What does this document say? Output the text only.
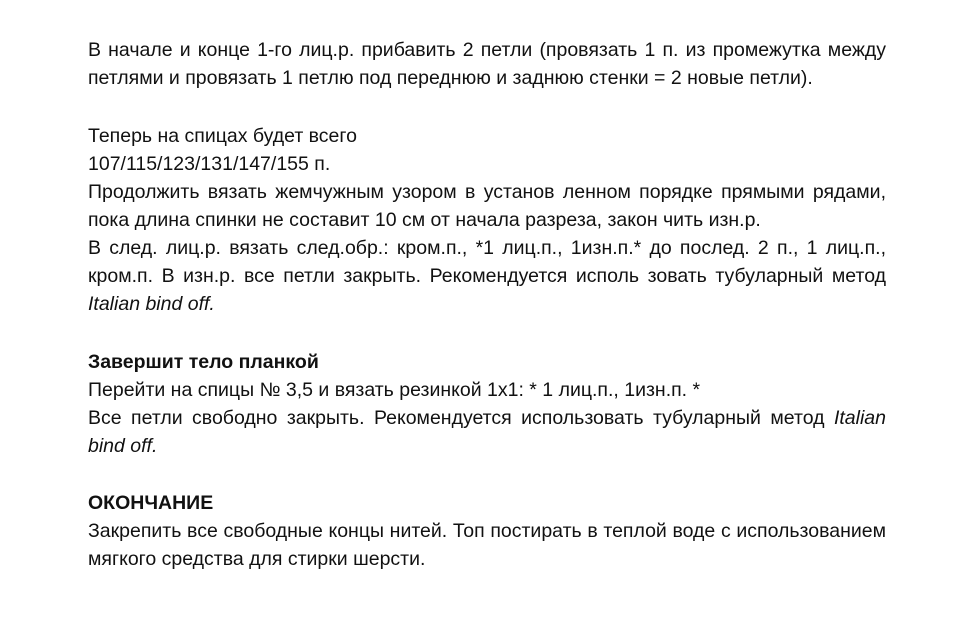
В начале и конце 1-го лиц.р. прибавить 2 петли (провязать 1 п. из промежутка между петлями и провязать 1 петлю под переднюю и заднюю стенки = 2 новые петли).

Теперь на спицах будет всего

107/115/123/131/147/155 п.

Продолжить вязать жемчужным узором в установ ленном порядке прямыми рядами, пока длина спинки не составит 10 см от начала разреза, закон чить изн.р.

В след. лиц.р. вязать след.обр.: кром.п., *1 лиц.п., 1изн.п.* до послед. 2 п., 1 лиц.п., кром.п. В изн.р. все петли закрыть. Рекомендуется исполь зовать тубуларный метод Italian bind off.

Завершит тело планкой

Перейти на спицы № 3,5 и вязать резинкой 1х1: * 1 лиц.п., 1изн.п. *

Все петли свободно закрыть. Рекомендуется использовать тубуларный метод Italian bind off.

ОКОНЧАНИЕ

Закрепить все свободные концы нитей. Топ постирать в теплой воде с использованием мягкого средства для стирки шерсти.
